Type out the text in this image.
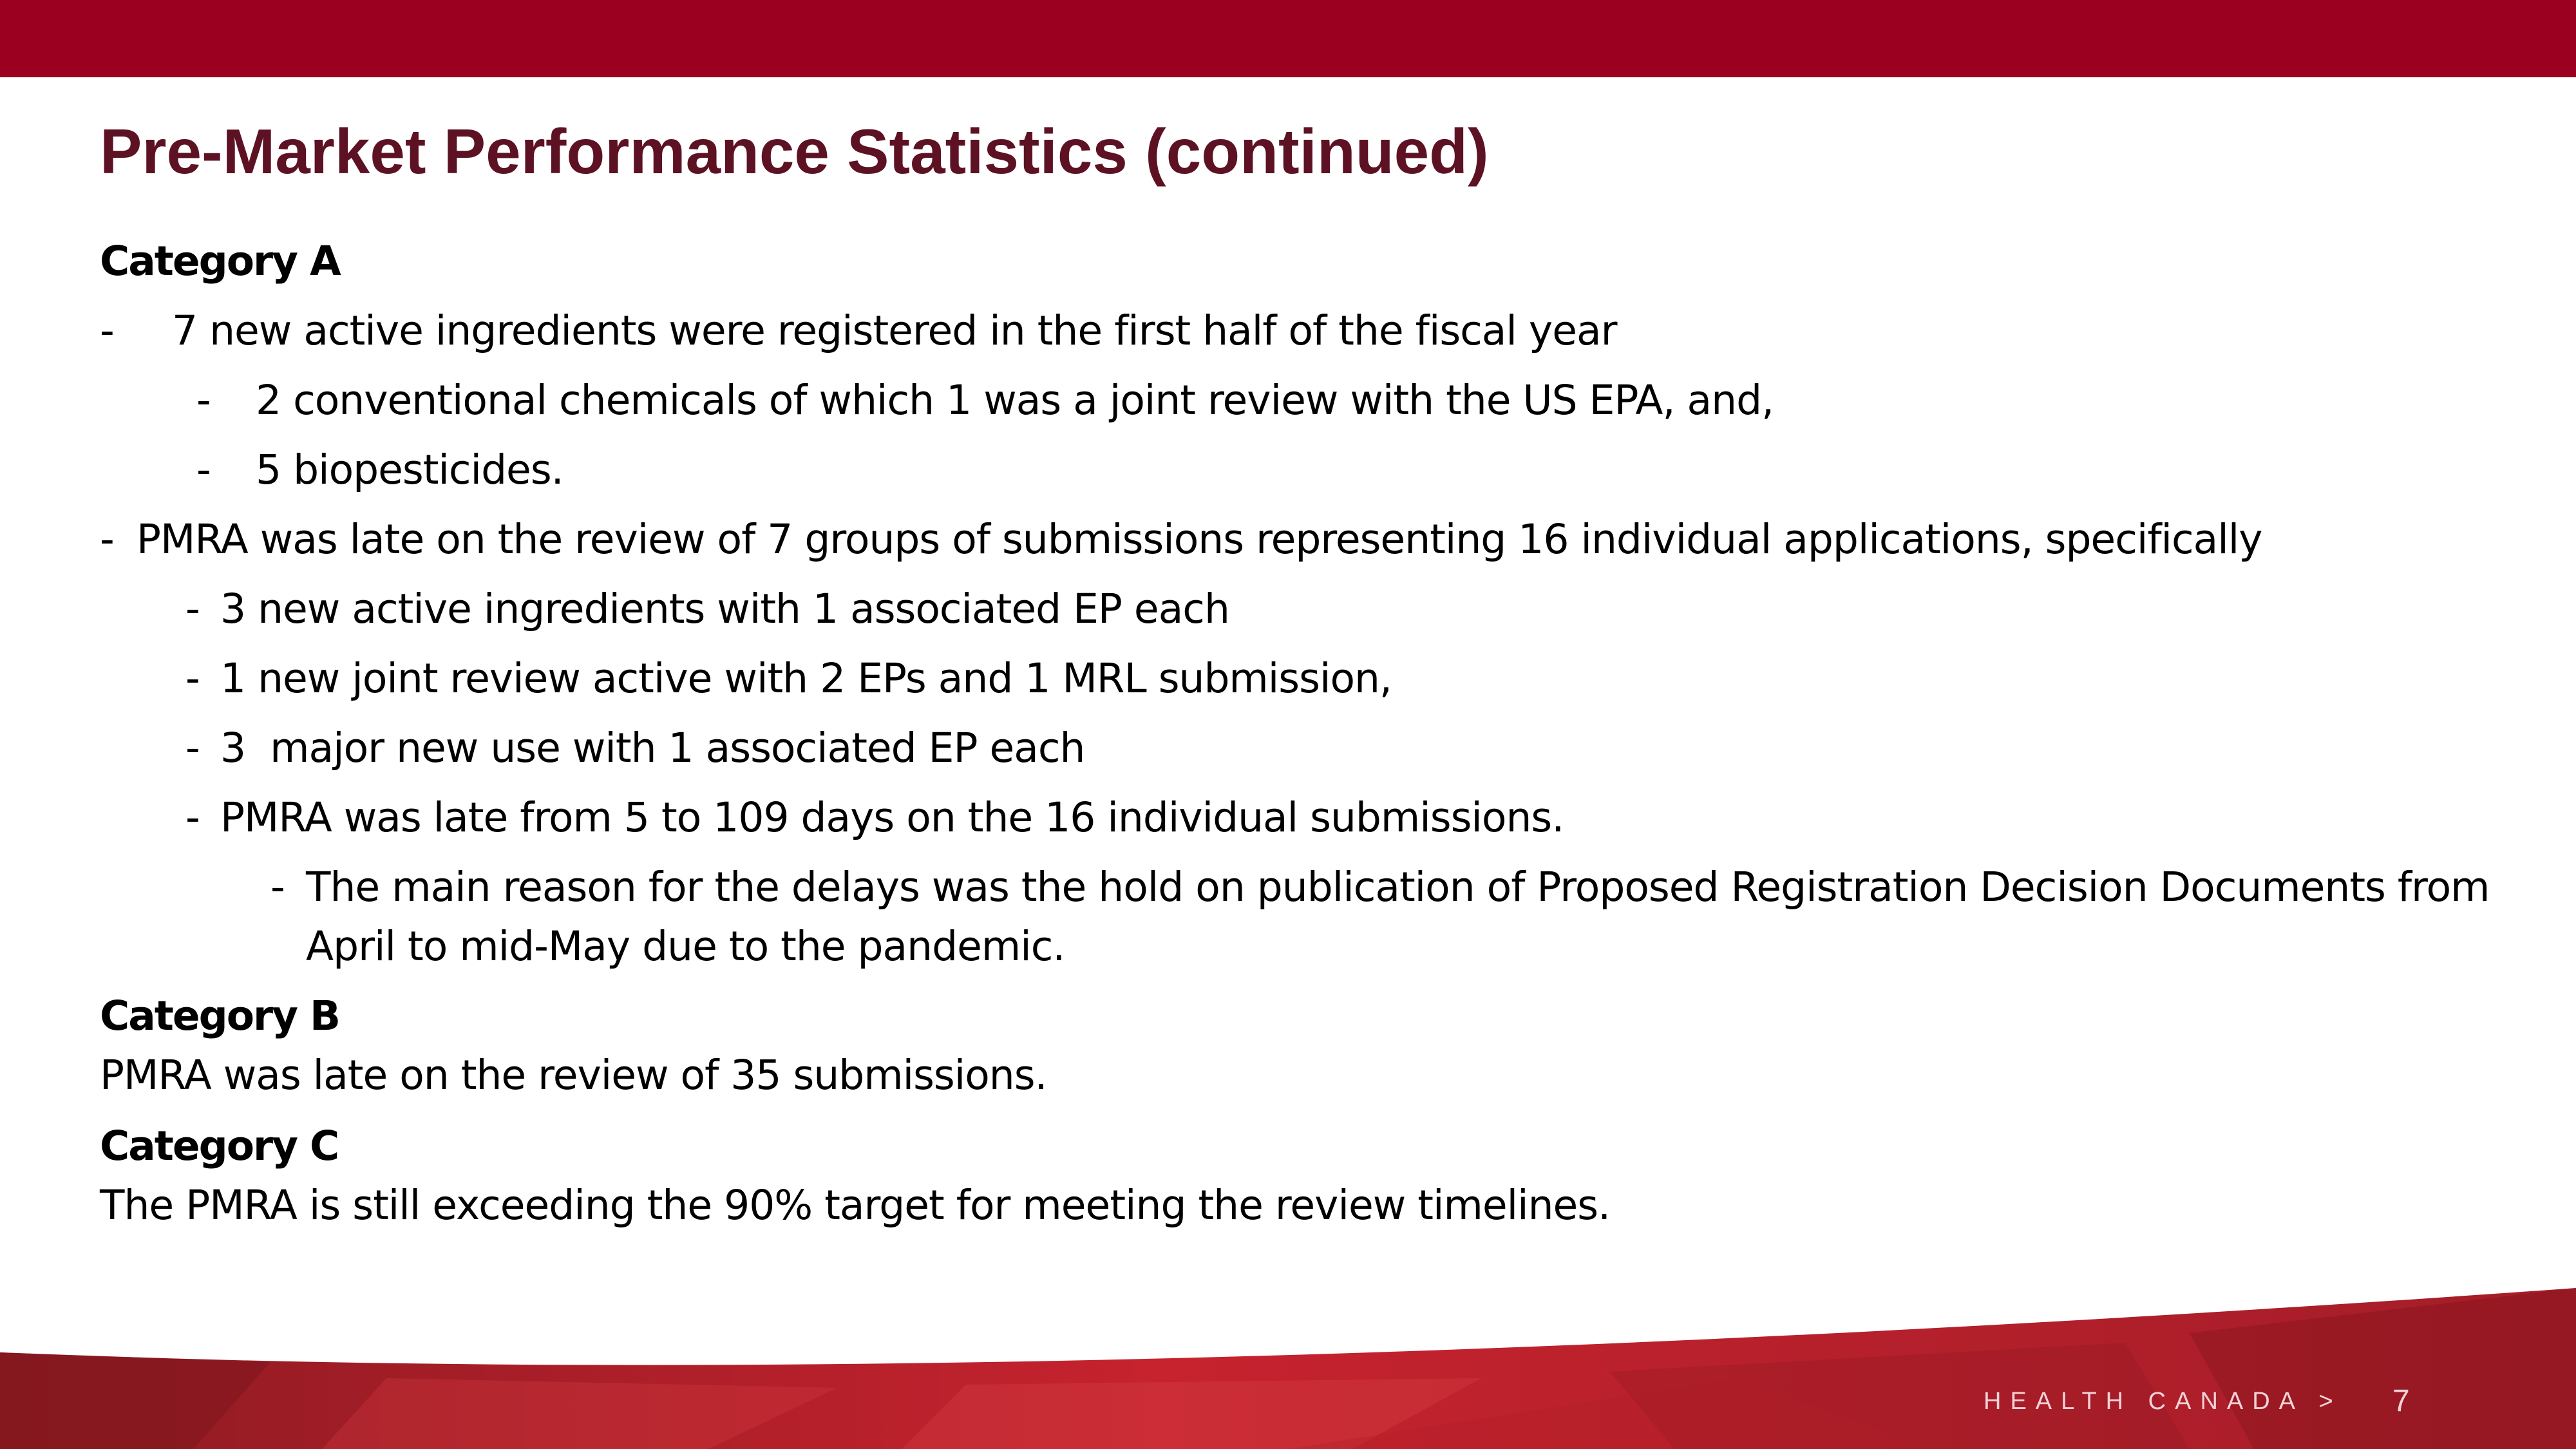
Pre-Market Performance Statistics (continued)
Category A
- 7 new active ingredients were registered in the first half of the fiscal year
- 2 conventional chemicals of which 1 was a joint review with the US EPA, and,
- 5 biopesticides.
- PMRA was late on the review of 7 groups of submissions representing 16 individual applications, specifically
- 3 new active ingredients with 1 associated EP each
- 1 new joint review active with 2 EPs and 1 MRL submission,
- 3  major new use with 1 associated EP each
- PMRA was late from 5 to 109 days on the 16 individual submissions.
- The main reason for the delays was the hold on publication of Proposed Registration Decision Documents from April to mid-May due to the pandemic.
Category B
PMRA was late on the review of 35 submissions.
Category C
The PMRA is still exceeding the 90% target for meeting the review timelines.
HEALTH CANADA > 7
